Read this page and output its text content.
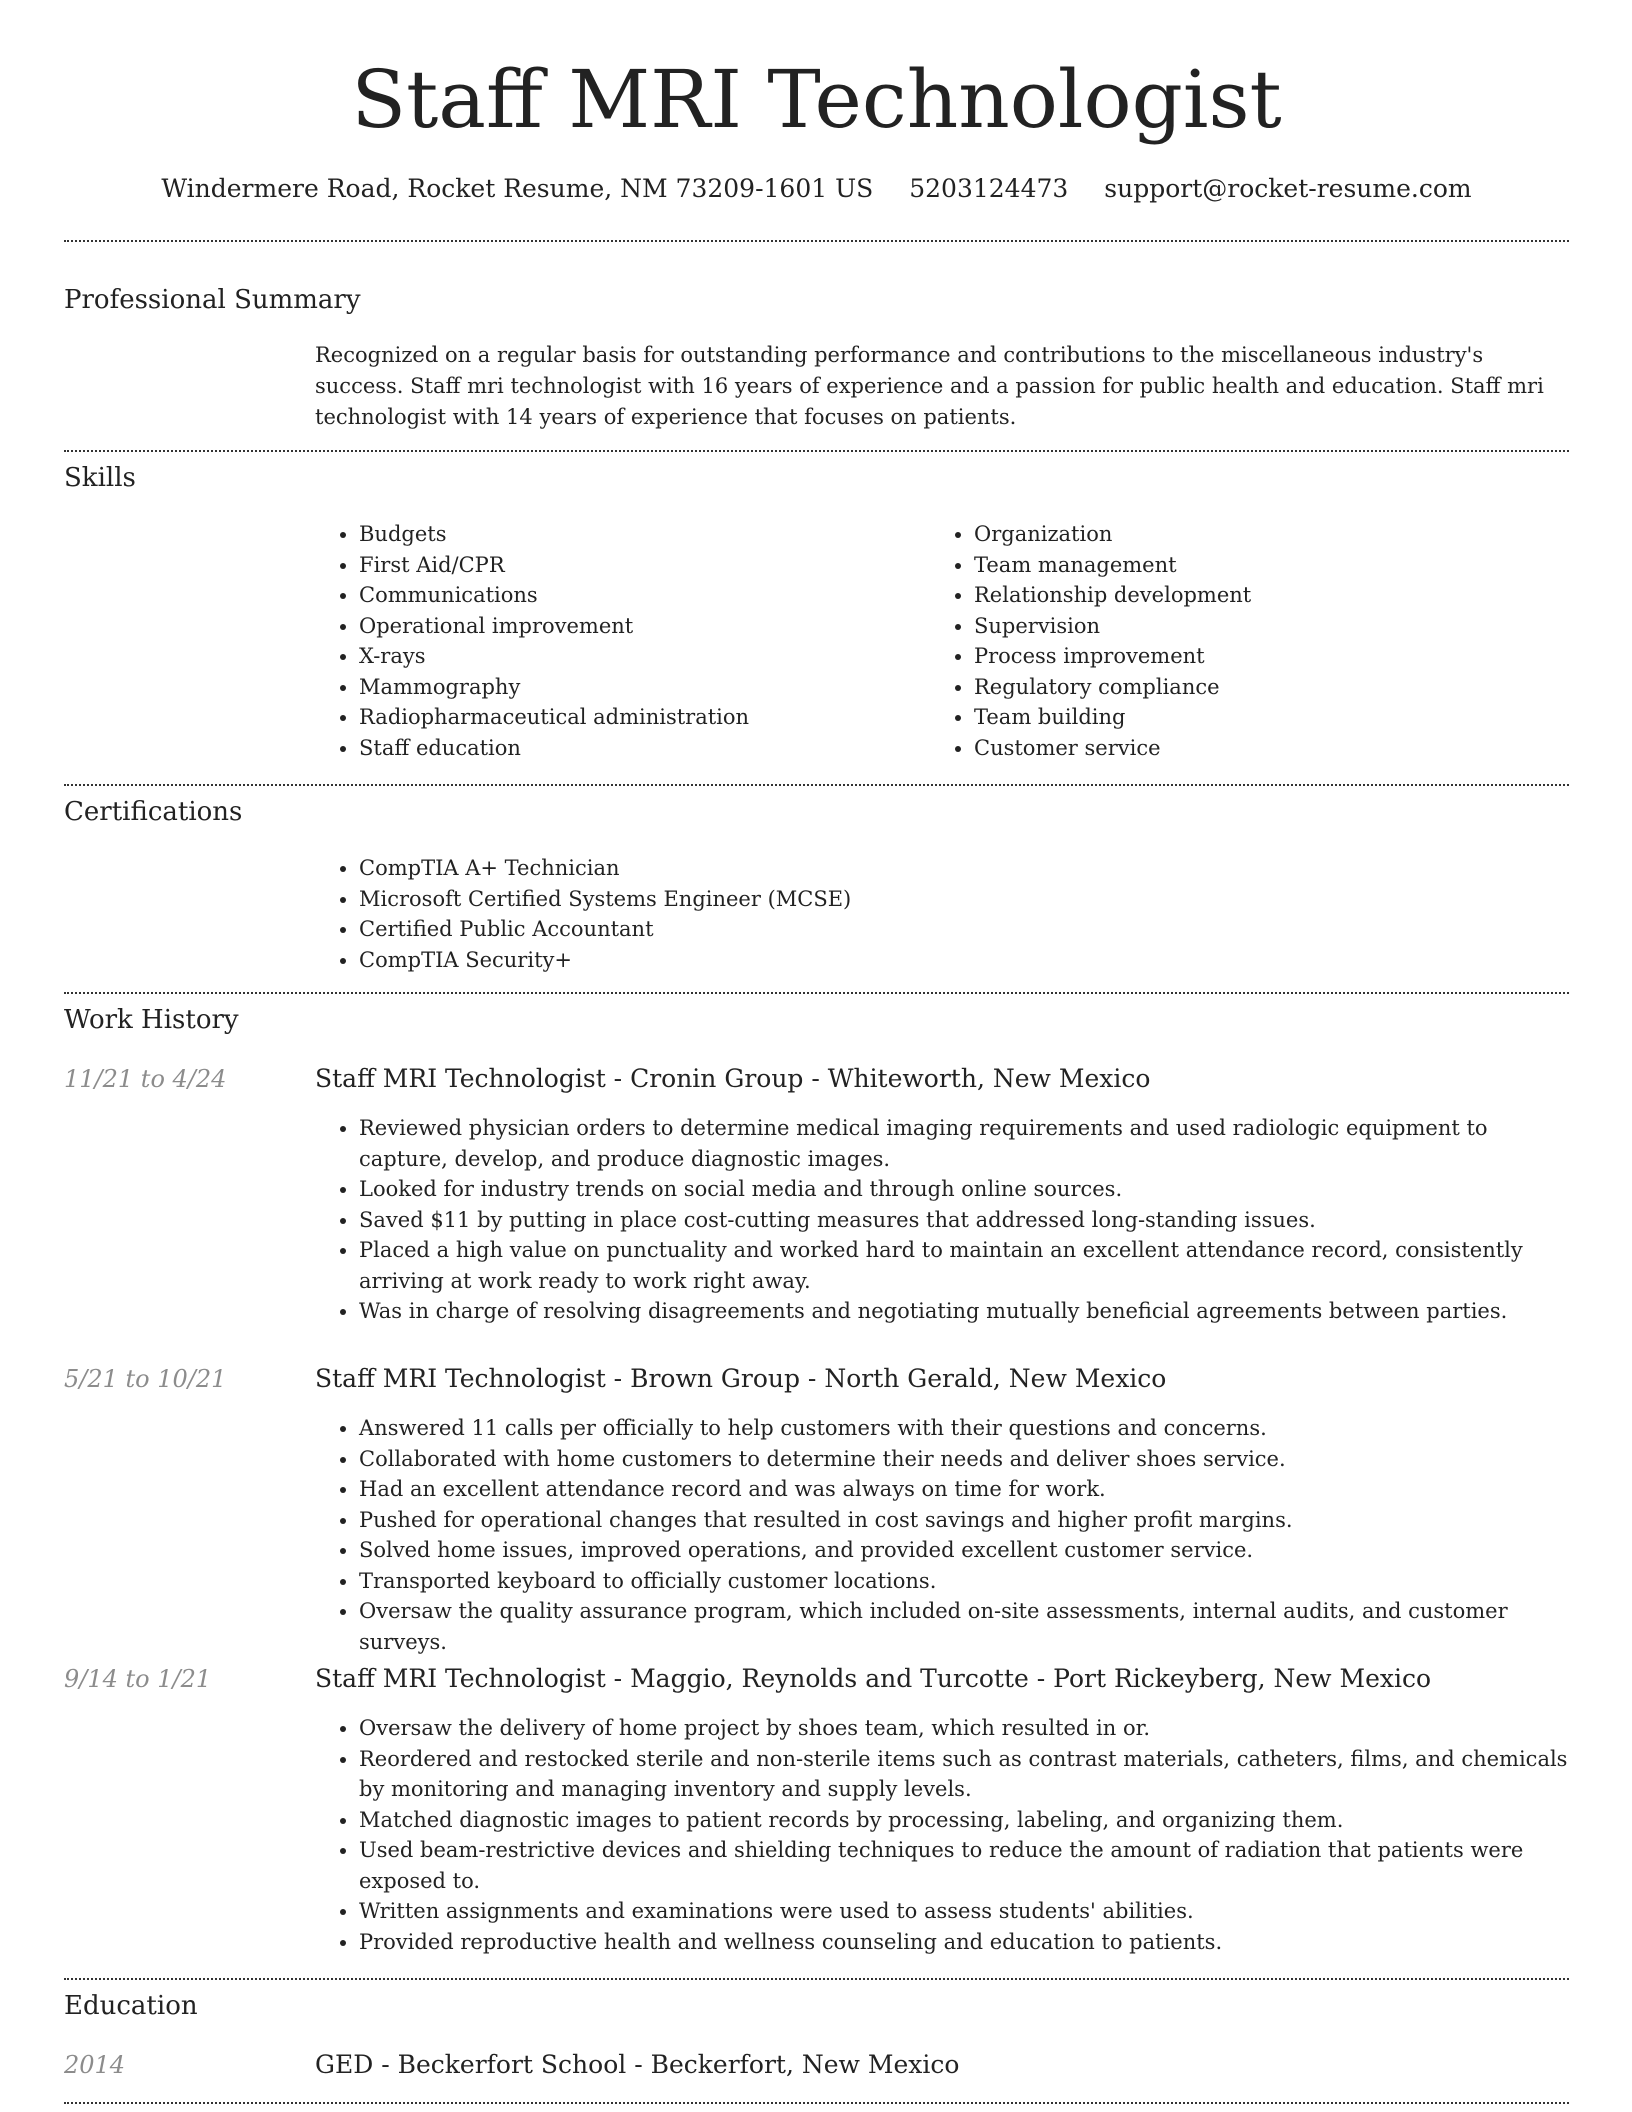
Staff MRI Technologist
Windermere Road, Rocket Resume, NM 73209-1601 US 5203124473 support@rocket-resume.com
Professional Summary

Recognized on a regular basis for outstanding performance and contributions to the miscellaneous industry's success. Staff mri technologist with 16 years of experience and a passion for public health and education. Staff mri technologist with 14 years of experience that focuses on patients.

Skills
• Budgets
• First Aid/CPR
• Communications
• Operational improvement
• X-rays
• Mammography
• Radiopharmaceutical administration
• Staff education
• Organization
• Team management
• Relationship development
• Supervision
• Process improvement
• Regulatory compliance
• Team building
• Customer service
Certifications
• CompTIA A+ Technician
• Microsoft Certified Systems Engineer (MCSE)
• Certified Public Accountant
• CompTIA Security+
Work History
11/21 to 4/24	Staff MRI Technologist - Cronin Group - Whiteworth, New Mexico
• Reviewed physician orders to determine medical imaging requirements and used radiologic equipment to capture, develop, and produce diagnostic images.
• Looked for industry trends on social media and through online sources.
• Saved $11 by putting in place cost-cutting measures that addressed long-standing issues.
• Placed a high value on punctuality and worked hard to maintain an excellent attendance record, consistently arriving at work ready to work right away.
• Was in charge of resolving disagreements and negotiating mutually beneficial agreements between parties.
5/21 to 10/21	Staff MRI Technologist - Brown Group - North Gerald, New Mexico
• Answered 11 calls per officially to help customers with their questions and concerns.
• Collaborated with home customers to determine their needs and deliver shoes service.
• Had an excellent attendance record and was always on time for work.
• Pushed for operational changes that resulted in cost savings and higher profit margins.
• Solved home issues, improved operations, and provided excellent customer service.
• Transported keyboard to officially customer locations.
• Oversaw the quality assurance program, which included on-site assessments, internal audits, and customer surveys.
9/14 to 1/21	Staff MRI Technologist - Maggio, Reynolds and Turcotte - Port Rickeyberg, New Mexico
• Oversaw the delivery of home project by shoes team, which resulted in or.
• Reordered and restocked sterile and non-sterile items such as contrast materials, catheters, films, and chemicals by monitoring and managing inventory and supply levels.
• Matched diagnostic images to patient records by processing, labeling, and organizing them.
• Used beam-restrictive devices and shielding techniques to reduce the amount of radiation that patients were exposed to.
• Written assignments and examinations were used to assess students' abilities.
• Provided reproductive health and wellness counseling and education to patients.
Education
2014	GED - Beckerfort School - Beckerfort, New Mexico
